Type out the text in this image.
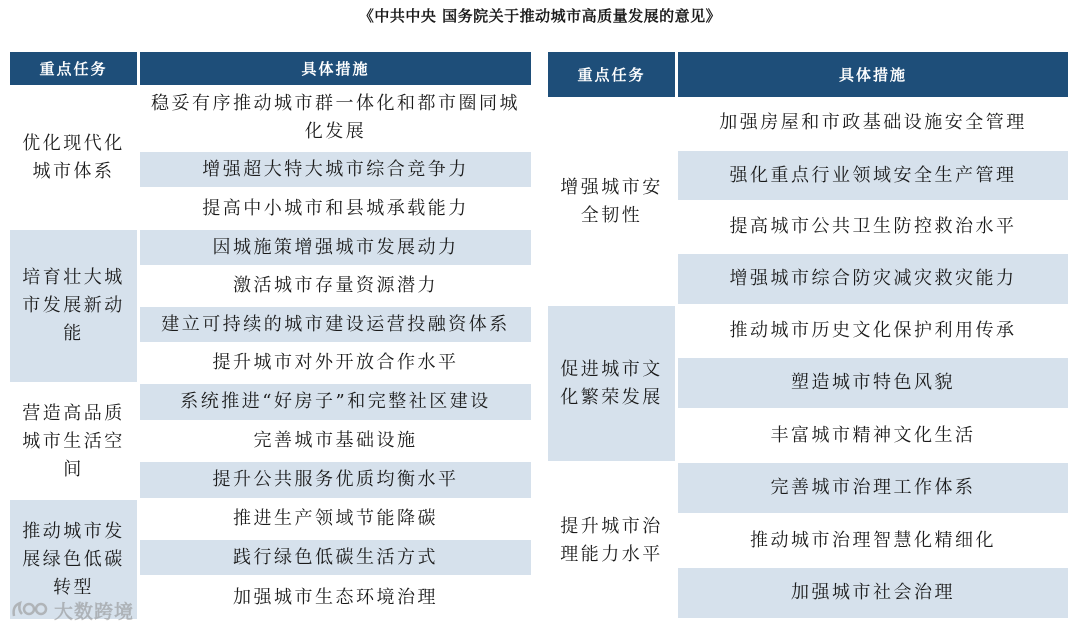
《中共中央 国务院关于推动城市高质量发展的意见》
重点任务	具体措施
优化现代化城市体系	稳妥有序推动城市群一体化和都市圈同城化发展
	增强超大特大城市综合竞争力
	提高中小城市和县城承载能力
培育壮大城市发展新动能	因城施策增强城市发展动力
	激活城市存量资源潜力
	建立可持续的城市建设运营投融资体系
	提升城市对外开放合作水平
营造高品质城市生活空间	系统推进“好房子”和完整社区建设
	完善城市基础设施
	提升公共服务优质均衡水平
推动城市发展绿色低碳转型	推进生产领域节能降碳
	践行绿色低碳生活方式
	加强城市生态环境治理
重点任务	具体措施
增强城市安全韧性	加强房屋和市政基础设施安全管理
	强化重点行业领域安全生产管理
	提高城市公共卫生防控救治水平
	增强城市综合防灾减灾救灾能力
促进城市文化繁荣发展	推动城市历史文化保护利用传承
	塑造城市特色风貌
	丰富城市精神文化生活
提升城市治理能力水平	完善城市治理工作体系
	推动城市治理智慧化精细化
	加强城市社会治理
大数跨境
